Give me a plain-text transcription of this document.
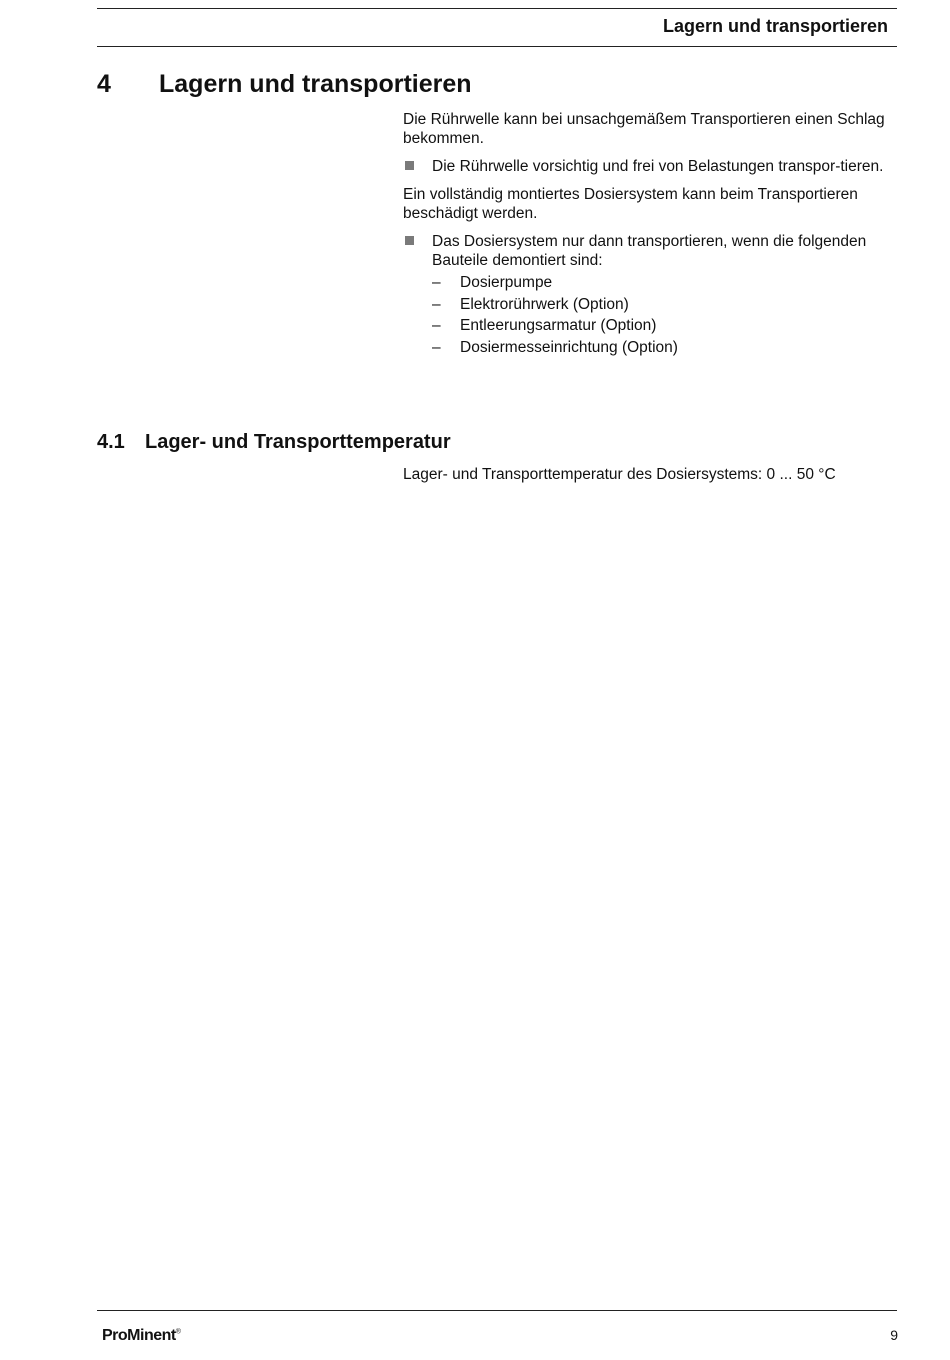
Lagern und transportieren
4 Lagern und transportieren

Die Rührwelle kann bei unsachgemäßem Transportieren einen Schlag bekommen.

Die Rührwelle vorsichtig und frei von Belastungen transpor-tieren.

Ein vollständig montiertes Dosiersystem kann beim Transportieren beschädigt werden.

Das Dosiersystem nur dann transportieren, wenn die folgenden Bauteile demontiert sind:
– Dosierpumpe
– Elektrorührwerk (Option)
– Entleerungsarmatur (Option)
– Dosiermesseinrichtung (Option)
4.1 Lager- und Transporttemperatur

Lager- und Transporttemperatur des Dosiersystems: 0 ... 50 °C

ProMinent®	9
